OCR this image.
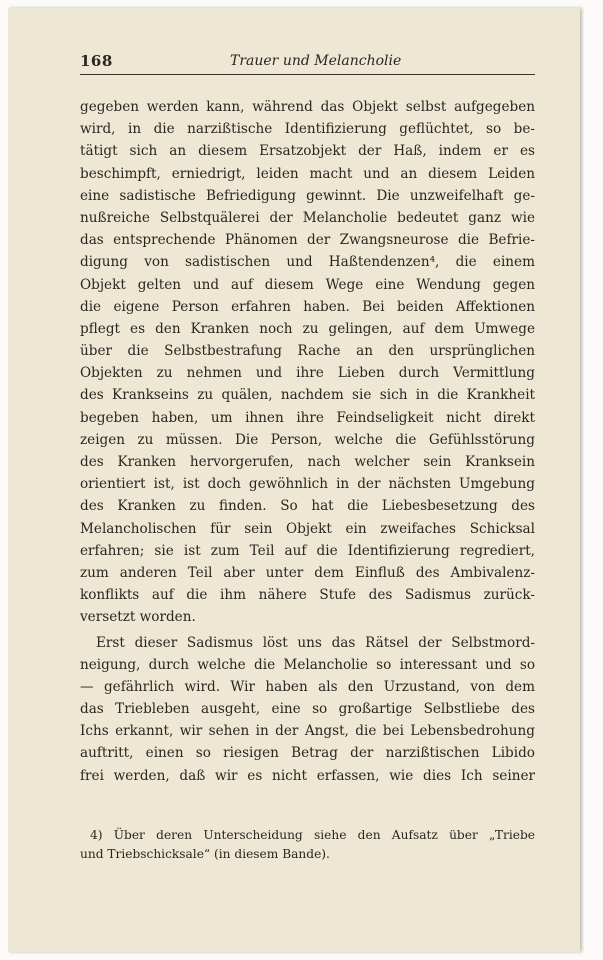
168	Trauer und Melancholie
gegeben werden kann, während das Objekt selbst aufgegeben
wird, in die narzißtische Identifizierung geflüchtet, so be-
tätigt sich an diesem Ersatzobjekt der Haß, indem er es
beschimpft, erniedrigt, leiden macht und an diesem Leiden
eine sadistische Befriedigung gewinnt. Die unzweifelhaft ge-
nußreiche Selbstquälerei der Melancholie bedeutet ganz wie
das entsprechende Phänomen der Zwangsneurose die Befrie-
digung von sadistischen und Haßtendenzen⁴, die einem
Objekt gelten und auf diesem Wege eine Wendung gegen
die eigene Person erfahren haben. Bei beiden Affektionen
pflegt es den Kranken noch zu gelingen, auf dem Umwege
über die Selbstbestrafung Rache an den ursprünglichen
Objekten zu nehmen und ihre Lieben durch Vermittlung
des Krankseins zu quälen, nachdem sie sich in die Krankheit
begeben haben, um ihnen ihre Feindseligkeit nicht direkt
zeigen zu müssen. Die Person, welche die Gefühlsstörung
des Kranken hervorgerufen, nach welcher sein Kranksein
orientiert ist, ist doch gewöhnlich in der nächsten Umgebung
des Kranken zu finden. So hat die Liebesbesetzung des
Melancholischen für sein Objekt ein zweifaches Schicksal
erfahren; sie ist zum Teil auf die Identifizierung regrediert,
zum anderen Teil aber unter dem Einfluß des Ambivalenz-
konflikts auf die ihm nähere Stufe des Sadismus zurück-
versetzt worden.
Erst dieser Sadismus löst uns das Rätsel der Selbstmord-
neigung, durch welche die Melancholie so interessant und so
— gefährlich wird. Wir haben als den Urzustand, von dem
das Triebleben ausgeht, eine so großartige Selbstliebe des
Ichs erkannt, wir sehen in der Angst, die bei Lebensbedrohung
auftritt, einen so riesigen Betrag der narzißtischen Libido
frei werden, daß wir es nicht erfassen, wie dies Ich seiner
4) Über deren Unterscheidung siehe den Aufsatz über „Triebe
und Triebschicksale“ (in diesem Bande).
